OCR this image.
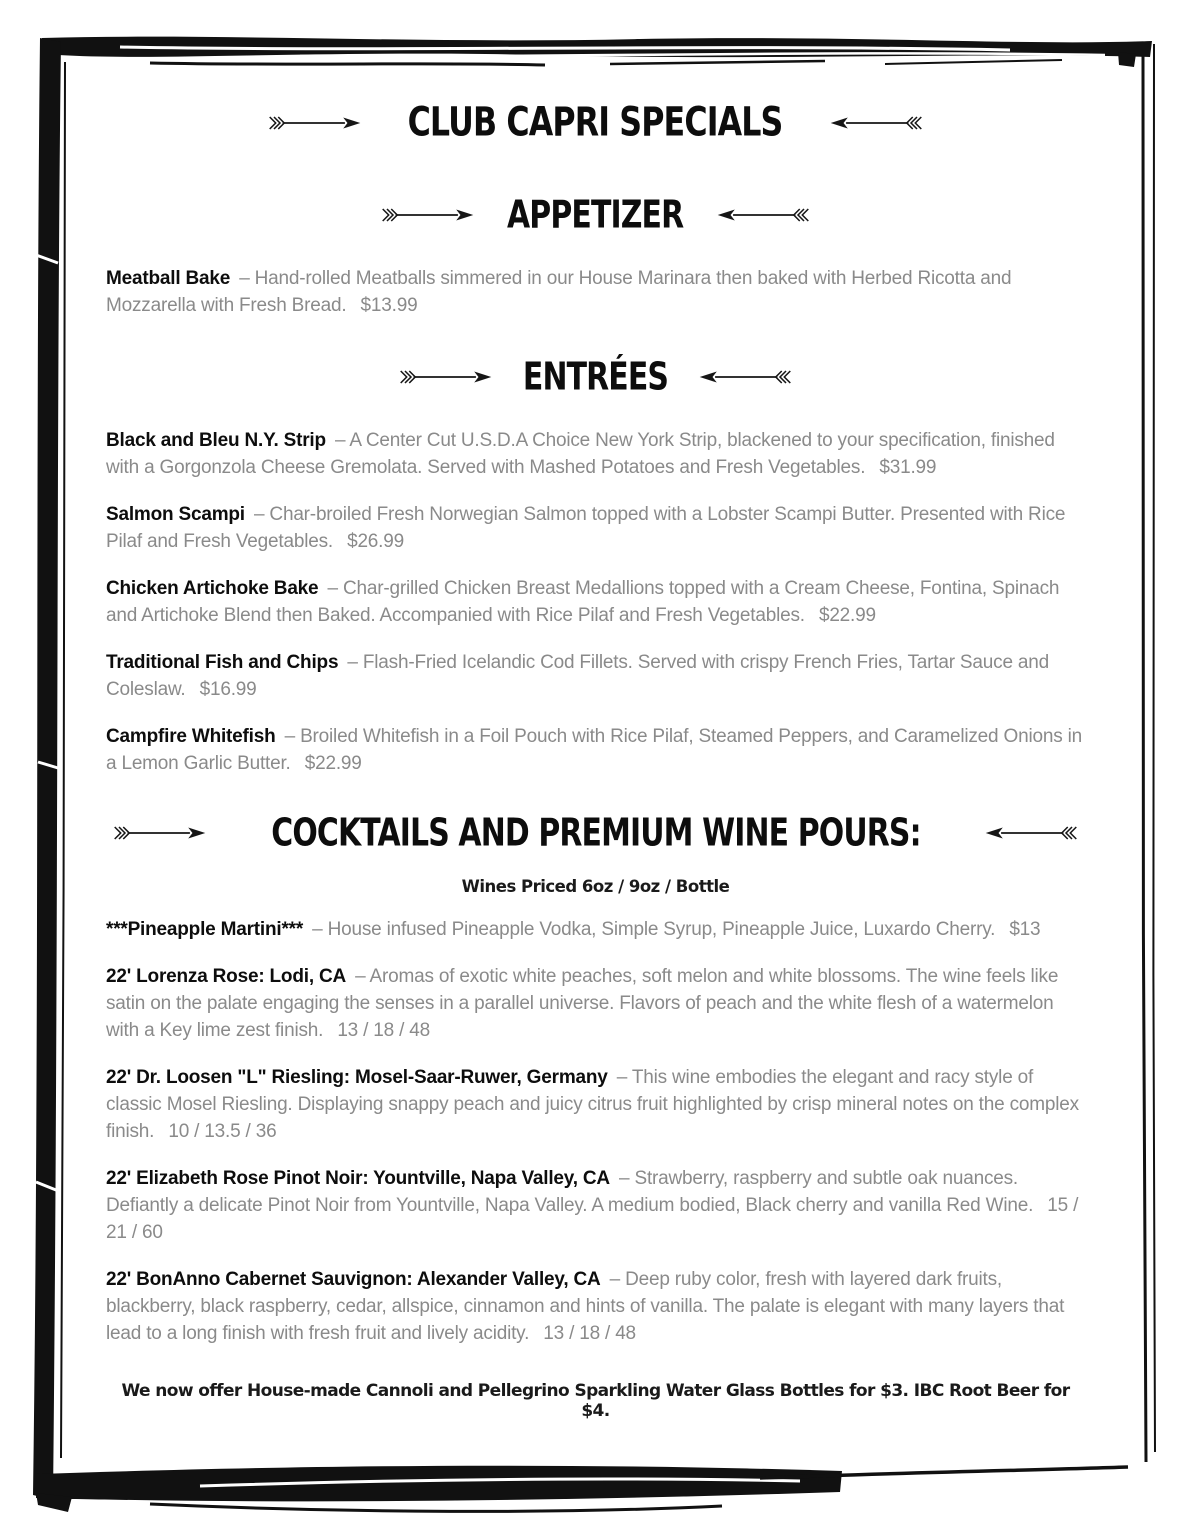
CLUB CAPRI SPECIALS
APPETIZER

Meatball Bake – Hand-rolled Meatballs simmered in our House Marinara then baked with Herbed Ricotta and Mozzarella with Fresh Bread. $13.99

ENTRÉES

Black and Bleu N.Y. Strip – A Center Cut U.S.D.A Choice New York Strip, blackened to your specification, finished with a Gorgonzola Cheese Gremolata. Served with Mashed Potatoes and Fresh Vegetables. $31.99

Salmon Scampi – Char-broiled Fresh Norwegian Salmon topped with a Lobster Scampi Butter. Presented with Rice Pilaf and Fresh Vegetables. $26.99

Chicken Artichoke Bake – Char-grilled Chicken Breast Medallions topped with a Cream Cheese, Fontina, Spinach and Artichoke Blend then Baked. Accompanied with Rice Pilaf and Fresh Vegetables. $22.99

Traditional Fish and Chips – Flash-Fried Icelandic Cod Fillets. Served with crispy French Fries, Tartar Sauce and Coleslaw. $16.99

Campfire Whitefish – Broiled Whitefish in a Foil Pouch with Rice Pilaf, Steamed Peppers, and Caramelized Onions in a Lemon Garlic Butter. $22.99

COCKTAILS AND PREMIUM WINE POURS:
Wines Priced 6oz / 9oz / Bottle

***Pineapple Martini*** – House infused Pineapple Vodka, Simple Syrup, Pineapple Juice, Luxardo Cherry. $13

22' Lorenza Rose: Lodi, CA – Aromas of exotic white peaches, soft melon and white blossoms. The wine feels like satin on the palate engaging the senses in a parallel universe. Flavors of peach and the white flesh of a watermelon with a Key lime zest finish. 13 / 18 / 48

22' Dr. Loosen "L" Riesling: Mosel-Saar-Ruwer, Germany – This wine embodies the elegant and racy style of classic Mosel Riesling. Displaying snappy peach and juicy citrus fruit highlighted by crisp mineral notes on the complex finish. 10 / 13.5 / 36

22' Elizabeth Rose Pinot Noir: Yountville, Napa Valley, CA – Strawberry, raspberry and subtle oak nuances. Defiantly a delicate Pinot Noir from Yountville, Napa Valley. A medium bodied, Black cherry and vanilla Red Wine. 15 / 21 / 60

22' BonAnno Cabernet Sauvignon: Alexander Valley, CA – Deep ruby color, fresh with layered dark fruits, blackberry, black raspberry, cedar, allspice, cinnamon and hints of vanilla. The palate is elegant with many layers that lead to a long finish with fresh fruit and lively acidity. 13 / 18 / 48

We now offer House-made Cannoli and Pellegrino Sparkling Water Glass Bottles for $3. IBC Root Beer for $4.
